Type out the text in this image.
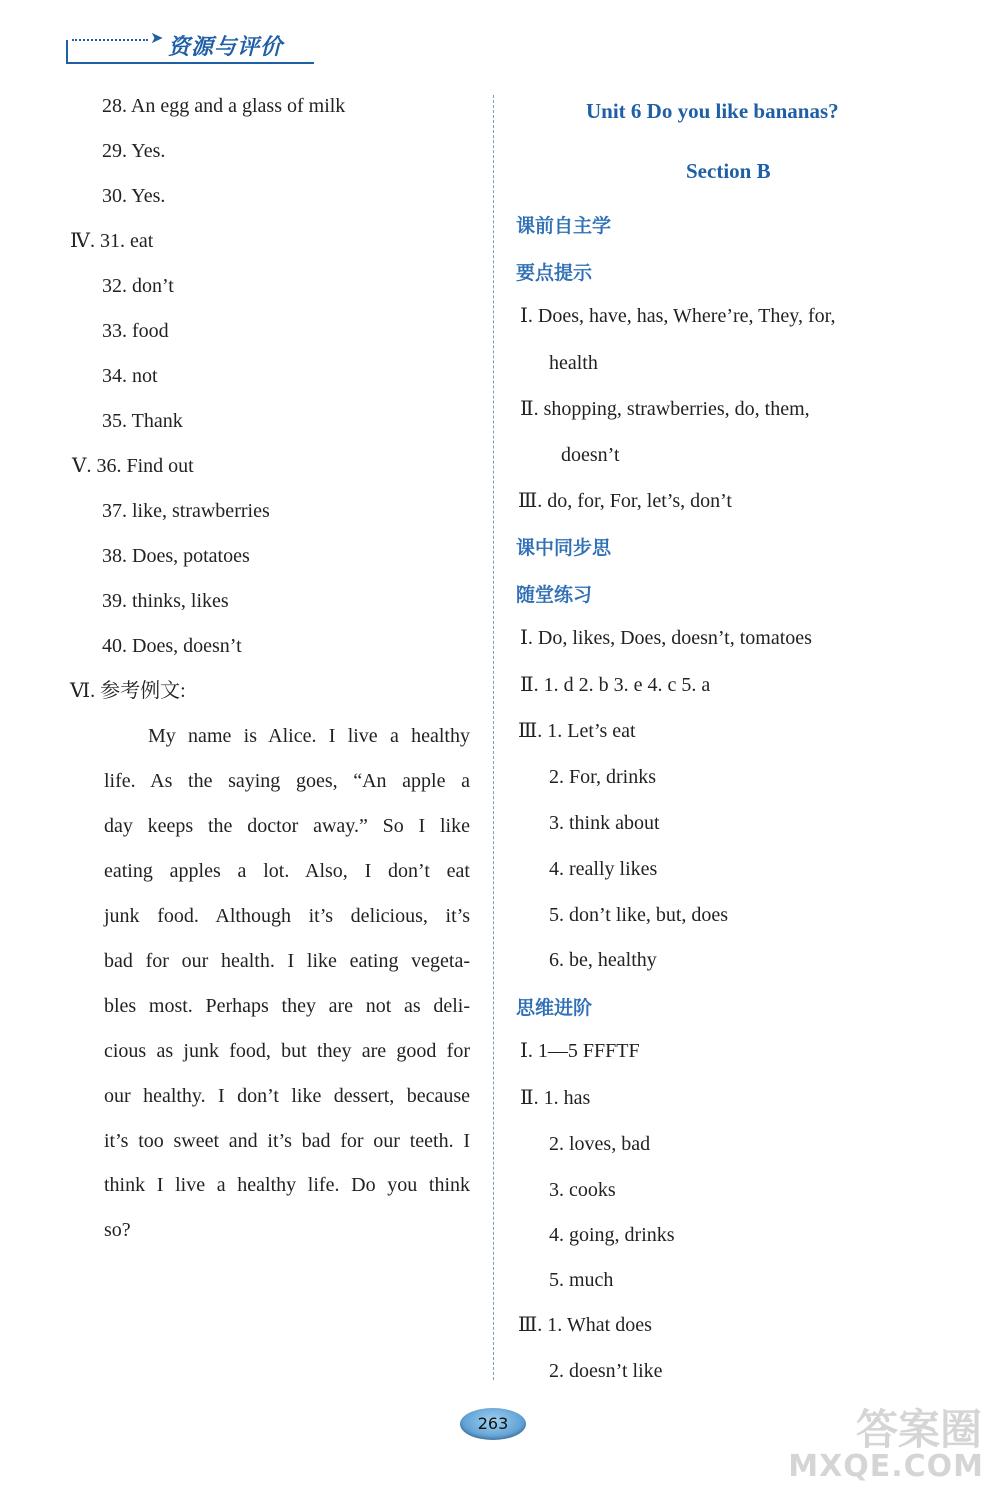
➤ 资源与评价
28. An egg and a glass of milk
29. Yes.
30. Yes.
Ⅳ. 31. eat
32. don’t
33. food
34. not
35. Thank
Ⅴ. 36. Find out
37. like, strawberries
38. Does, potatoes
39. thinks, likes
40. Does, doesn’t
Ⅵ. 参考例文:
My name is Alice. I live a healthy
life. As the saying goes, “An apple a
day keeps the doctor away.” So I like
eating apples a lot. Also, I don’t eat
junk food. Although it’s delicious, it’s
bad for our health. I like eating vegeta-
bles most. Perhaps they are not as deli-
cious as junk food, but they are good for
our healthy. I don’t like dessert, because
it’s too sweet and it’s bad for our teeth. I
think I live a healthy life. Do you think
so?
Unit 6 Do you like bananas?
Section B
课前自主学
要点提示
Ⅰ. Does, have, has, Where’re, They, for,
health
Ⅱ. shopping, strawberries, do, them,
doesn’t
Ⅲ. do, for, For, let’s, don’t
课中同步思
随堂练习
Ⅰ. Do, likes, Does, doesn’t, tomatoes
Ⅱ. 1. d 2. b 3. e 4. c 5. a
Ⅲ. 1. Let’s eat
2. For, drinks
3. think about
4. really likes
5. don’t like, but, does
6. be, healthy
思维进阶
Ⅰ. 1—5 FFFTF
Ⅱ. 1. has
2. loves, bad
3. cooks
4. going, drinks
5. much
Ⅲ. 1. What does
2. doesn’t like
263	答案圈
MXQE.COM
